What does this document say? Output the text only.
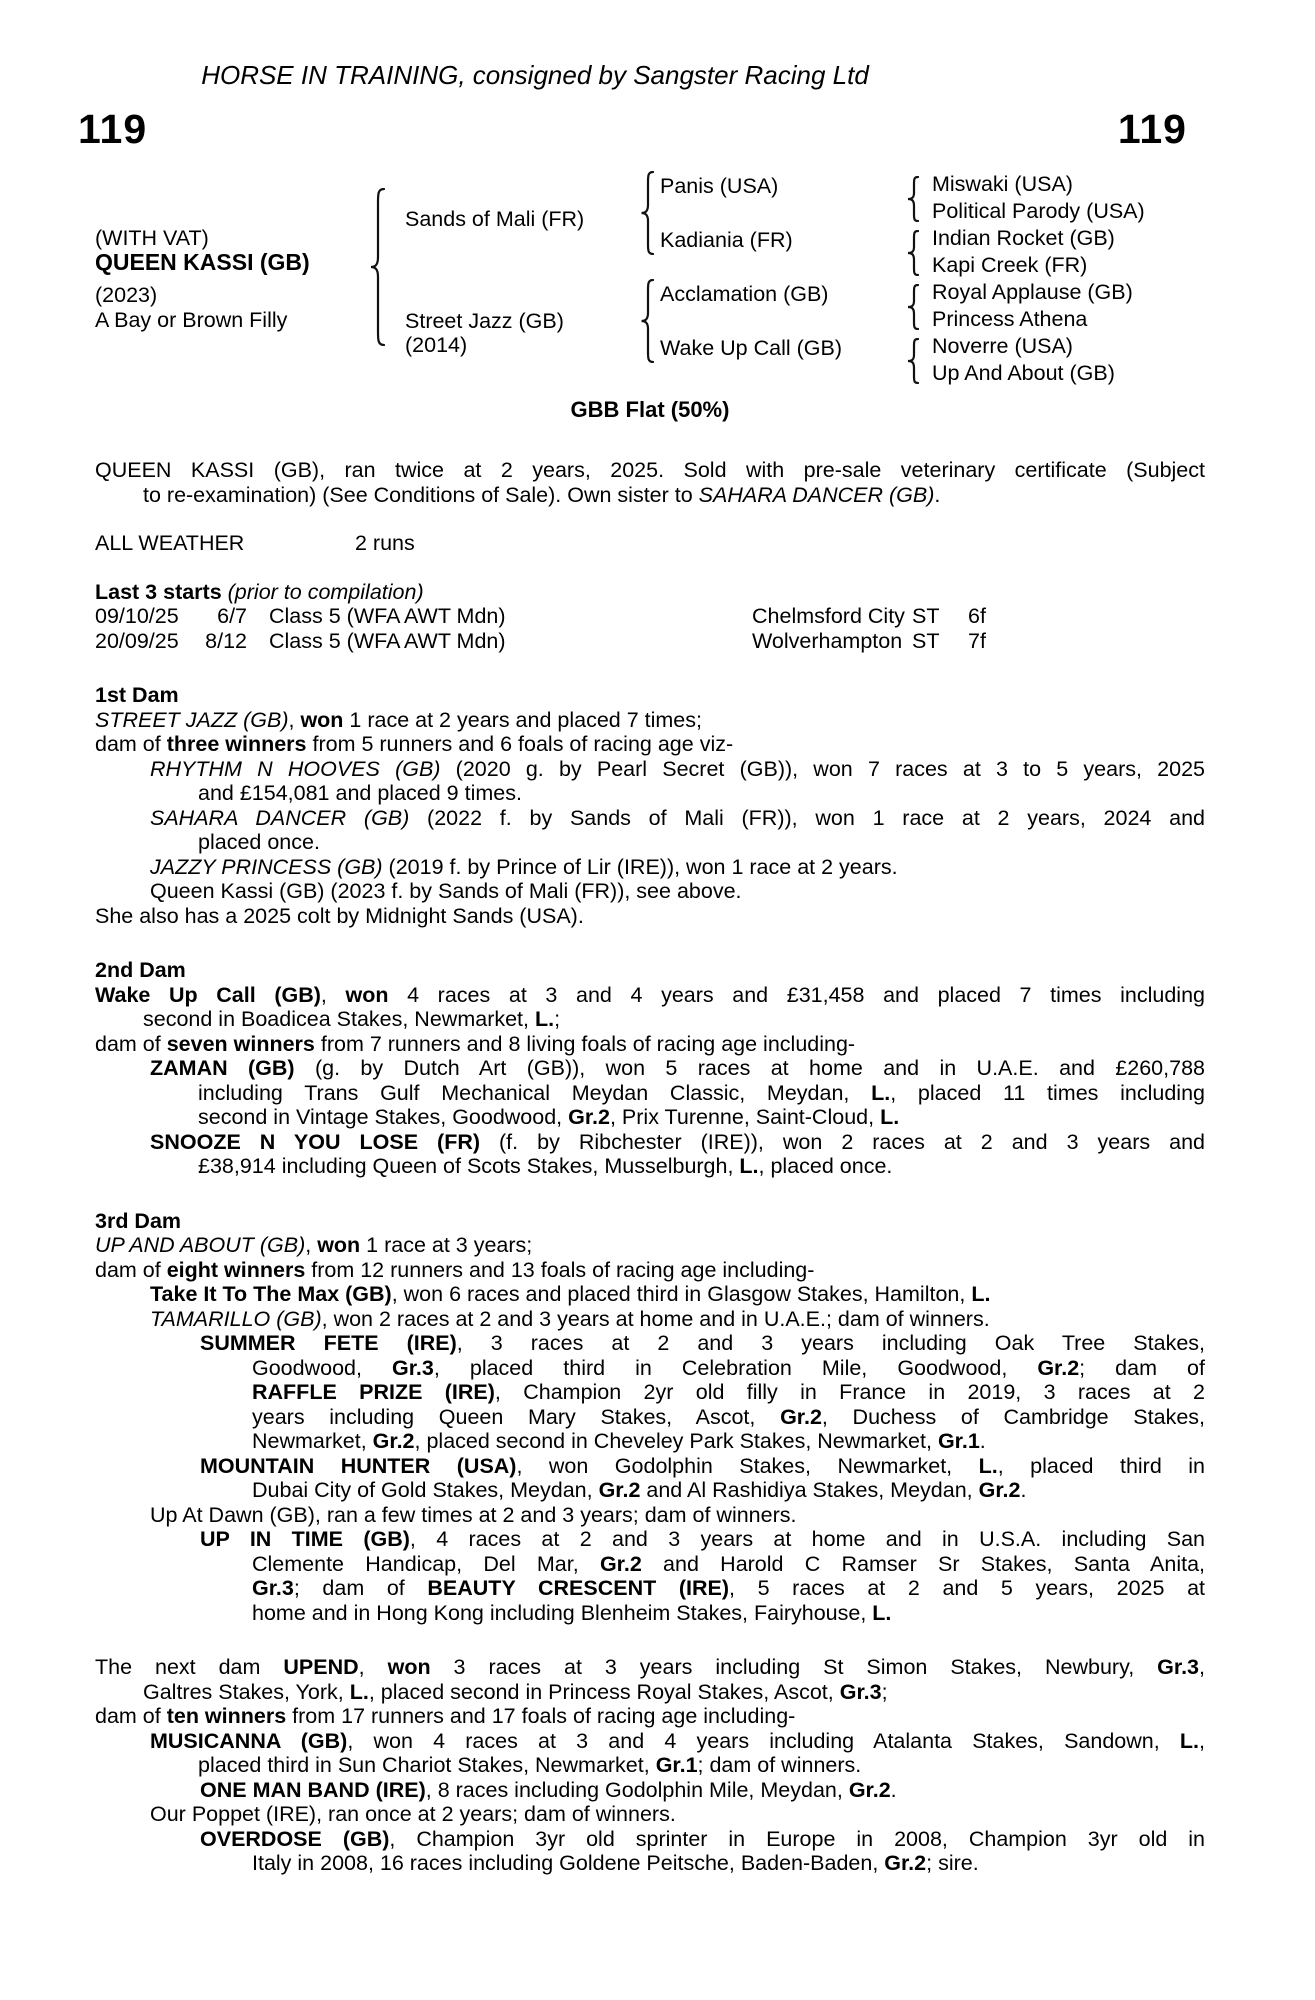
HORSE IN TRAINING, consigned by Sangster Racing Ltd
119	119
(WITH VAT)
QUEEN KASSI (GB)
(2023)
A Bay or Brown Filly
Sands of Mali (FR)
Street Jazz (GB)
(2014)
Panis (USA)
Kadiania (FR)
Acclamation (GB)
Wake Up Call (GB)
Miswaki (USA)
Political Parody (USA)
Indian Rocket (GB)
Kapi Creek (FR)
Royal Applause (GB)
Princess Athena
Noverre (USA)
Up And About (GB)
GBB Flat (50%)
QUEEN KASSI (GB), ran twice at 2 years, 2025. Sold with pre-sale veterinary certificate (Subject
to re-examination) (See Conditions of Sale). Own sister to SAHARA DANCER (GB).
ALL WEATHER	2 runs
Last 3 starts (prior to compilation)
09/10/25 6/7 Class 5 (WFA AWT Mdn)	Chelmsford City ST 6f
20/09/25 8/12 Class 5 (WFA AWT Mdn)	Wolverhampton ST 7f
1st Dam
STREET JAZZ (GB), won 1 race at 2 years and placed 7 times;
dam of three winners from 5 runners and 6 foals of racing age viz-
RHYTHM N HOOVES (GB) (2020 g. by Pearl Secret (GB)), won 7 races at 3 to 5 years, 2025
and £154,081 and placed 9 times.
SAHARA DANCER (GB) (2022 f. by Sands of Mali (FR)), won 1 race at 2 years, 2024 and
placed once.
JAZZY PRINCESS (GB) (2019 f. by Prince of Lir (IRE)), won 1 race at 2 years.
Queen Kassi (GB) (2023 f. by Sands of Mali (FR)), see above.
She also has a 2025 colt by Midnight Sands (USA).
2nd Dam
Wake Up Call (GB), won 4 races at 3 and 4 years and £31,458 and placed 7 times including
second in Boadicea Stakes, Newmarket, L.;
dam of seven winners from 7 runners and 8 living foals of racing age including-
ZAMAN (GB) (g. by Dutch Art (GB)), won 5 races at home and in U.A.E. and £260,788
including Trans Gulf Mechanical Meydan Classic, Meydan, L., placed 11 times including
second in Vintage Stakes, Goodwood, Gr.2, Prix Turenne, Saint-Cloud, L.
SNOOZE N YOU LOSE (FR) (f. by Ribchester (IRE)), won 2 races at 2 and 3 years and
£38,914 including Queen of Scots Stakes, Musselburgh, L., placed once.
3rd Dam
UP AND ABOUT (GB), won 1 race at 3 years;
dam of eight winners from 12 runners and 13 foals of racing age including-
Take It To The Max (GB), won 6 races and placed third in Glasgow Stakes, Hamilton, L.
TAMARILLO (GB), won 2 races at 2 and 3 years at home and in U.A.E.; dam of winners.
SUMMER FETE (IRE), 3 races at 2 and 3 years including Oak Tree Stakes,
Goodwood, Gr.3, placed third in Celebration Mile, Goodwood, Gr.2; dam of
RAFFLE PRIZE (IRE), Champion 2yr old filly in France in 2019, 3 races at 2
years including Queen Mary Stakes, Ascot, Gr.2, Duchess of Cambridge Stakes,
Newmarket, Gr.2, placed second in Cheveley Park Stakes, Newmarket, Gr.1.
MOUNTAIN HUNTER (USA), won Godolphin Stakes, Newmarket, L., placed third in
Dubai City of Gold Stakes, Meydan, Gr.2 and Al Rashidiya Stakes, Meydan, Gr.2.
Up At Dawn (GB), ran a few times at 2 and 3 years; dam of winners.
UP IN TIME (GB), 4 races at 2 and 3 years at home and in U.S.A. including San
Clemente Handicap, Del Mar, Gr.2 and Harold C Ramser Sr Stakes, Santa Anita,
Gr.3; dam of BEAUTY CRESCENT (IRE), 5 races at 2 and 5 years, 2025 at
home and in Hong Kong including Blenheim Stakes, Fairyhouse, L.
The next dam UPEND, won 3 races at 3 years including St Simon Stakes, Newbury, Gr.3,
Galtres Stakes, York, L., placed second in Princess Royal Stakes, Ascot, Gr.3;
dam of ten winners from 17 runners and 17 foals of racing age including-
MUSICANNA (GB), won 4 races at 3 and 4 years including Atalanta Stakes, Sandown, L.,
placed third in Sun Chariot Stakes, Newmarket, Gr.1; dam of winners.
ONE MAN BAND (IRE), 8 races including Godolphin Mile, Meydan, Gr.2.
Our Poppet (IRE), ran once at 2 years; dam of winners.
OVERDOSE (GB), Champion 3yr old sprinter in Europe in 2008, Champion 3yr old in
Italy in 2008, 16 races including Goldene Peitsche, Baden-Baden, Gr.2; sire.
